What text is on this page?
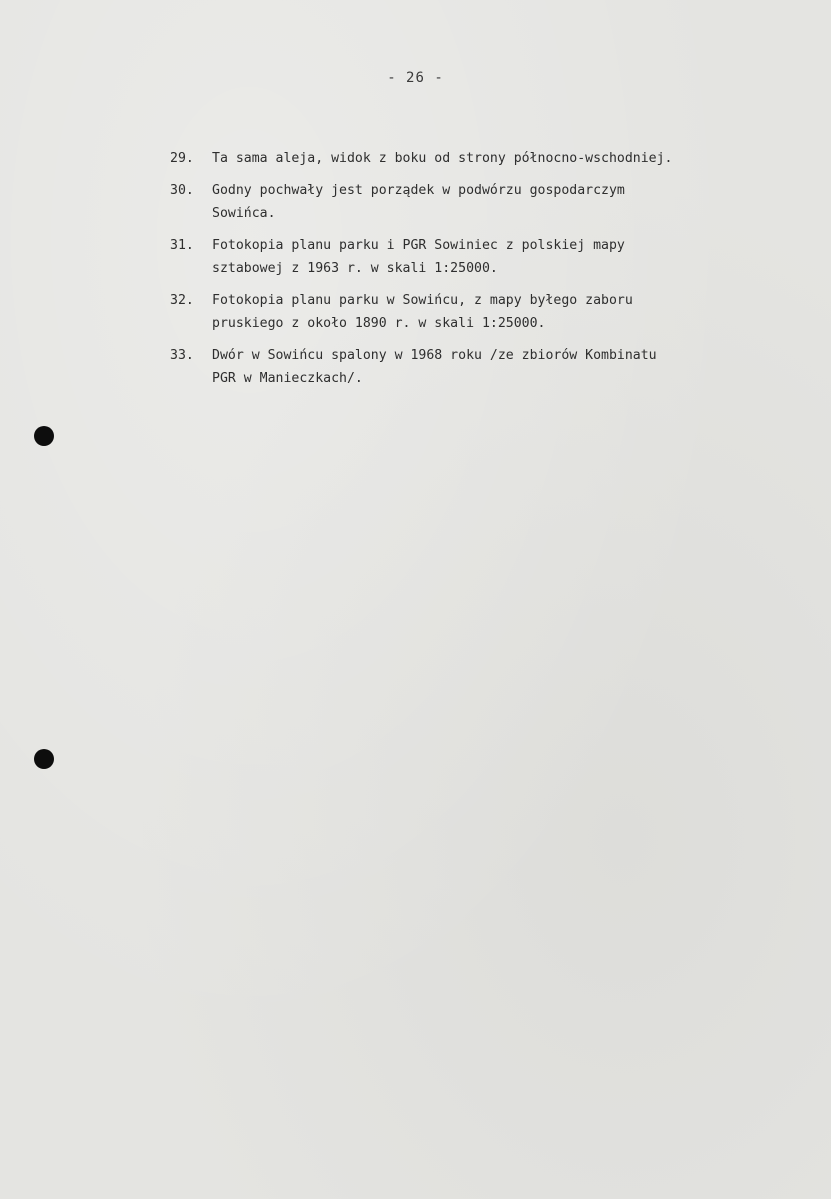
- 26 -
29.	Ta sama aleja, widok z boku od strony północno-wschodniej.
30.	Godny pochwały jest porządek w podwórzu gospodarczym
Sowińca.
31.	Fotokopia planu parku i PGR Sowiniec z polskiej mapy
sztabowej z 1963 r. w skali 1:25000.
32.	Fotokopia planu parku w Sowińcu, z mapy byłego zaboru
pruskiego z około 1890 r. w skali 1:25000.
33.	Dwór w Sowińcu spalony w 1968 roku /ze zbiorów Kombinatu
PGR w Manieczkach/.
